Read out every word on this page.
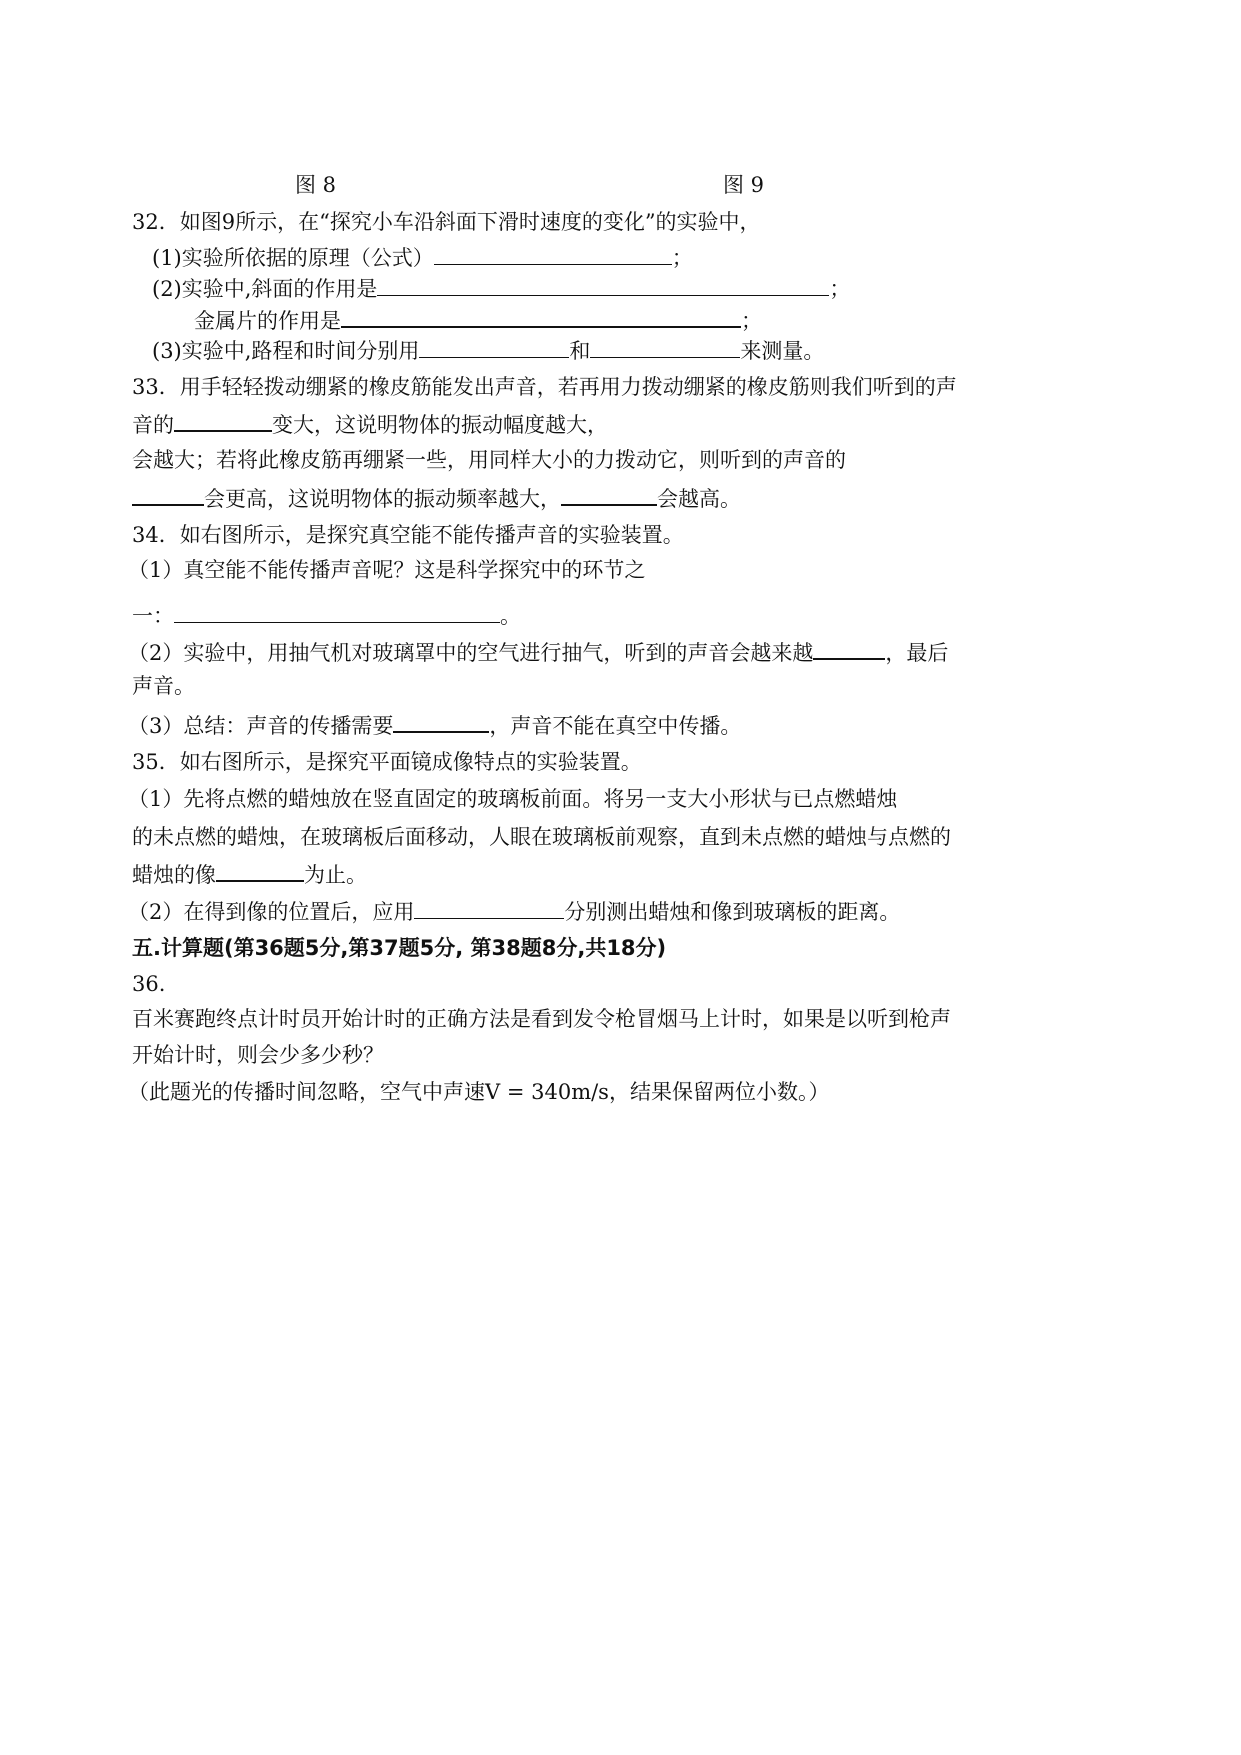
图 8	图 9
32．如图9所示，在“探究小车沿斜面下滑时速度的变化”的实验中，
(1)实验所依据的原理（公式）	；
(2)实验中,斜面的作用是	；
金属片的作用是	；
(3)实验中,路程和时间分别用	和	来测量。
33．用手轻轻拨动绷紧的橡皮筋能发出声音，若再用力拨动绷紧的橡皮筋则我们听到的声
音的	变大，这说明物体的振动幅度越大，
会越大；若将此橡皮筋再绷紧一些，用同样大小的力拨动它，则听到的声音的
会更高，这说明物体的振动频率越大，	会越高。
34．如右图所示，是探究真空能不能传播声音的实验装置。
（1）真空能不能传播声音呢？这是科学探究中的环节之
一：	。
（2）实验中，用抽气机对玻璃罩中的空气进行抽气，听到的声音会越来越	，最后
声音。
（3）总结：声音的传播需要	，声音不能在真空中传播。
35．如右图所示，是探究平面镜成像特点的实验装置。
（1）先将点燃的蜡烛放在竖直固定的玻璃板前面。将另一支大小形状与已点燃蜡烛
的未点燃的蜡烛，在玻璃板后面移动，人眼在玻璃板前观察，直到未点燃的蜡烛与点燃的
蜡烛的像	为止。
（2）在得到像的位置后，应用	分别测出蜡烛和像到玻璃板的距离。
五.计算题(第36题5分,第37题5分, 第38题8分,共18分)
36.
百米赛跑终点计时员开始计时的正确方法是看到发令枪冒烟马上计时，如果是以听到枪声
开始计时，则会少多少秒？
（此题光的传播时间忽略，空气中声速V = 340m/s，结果保留两位小数。）
